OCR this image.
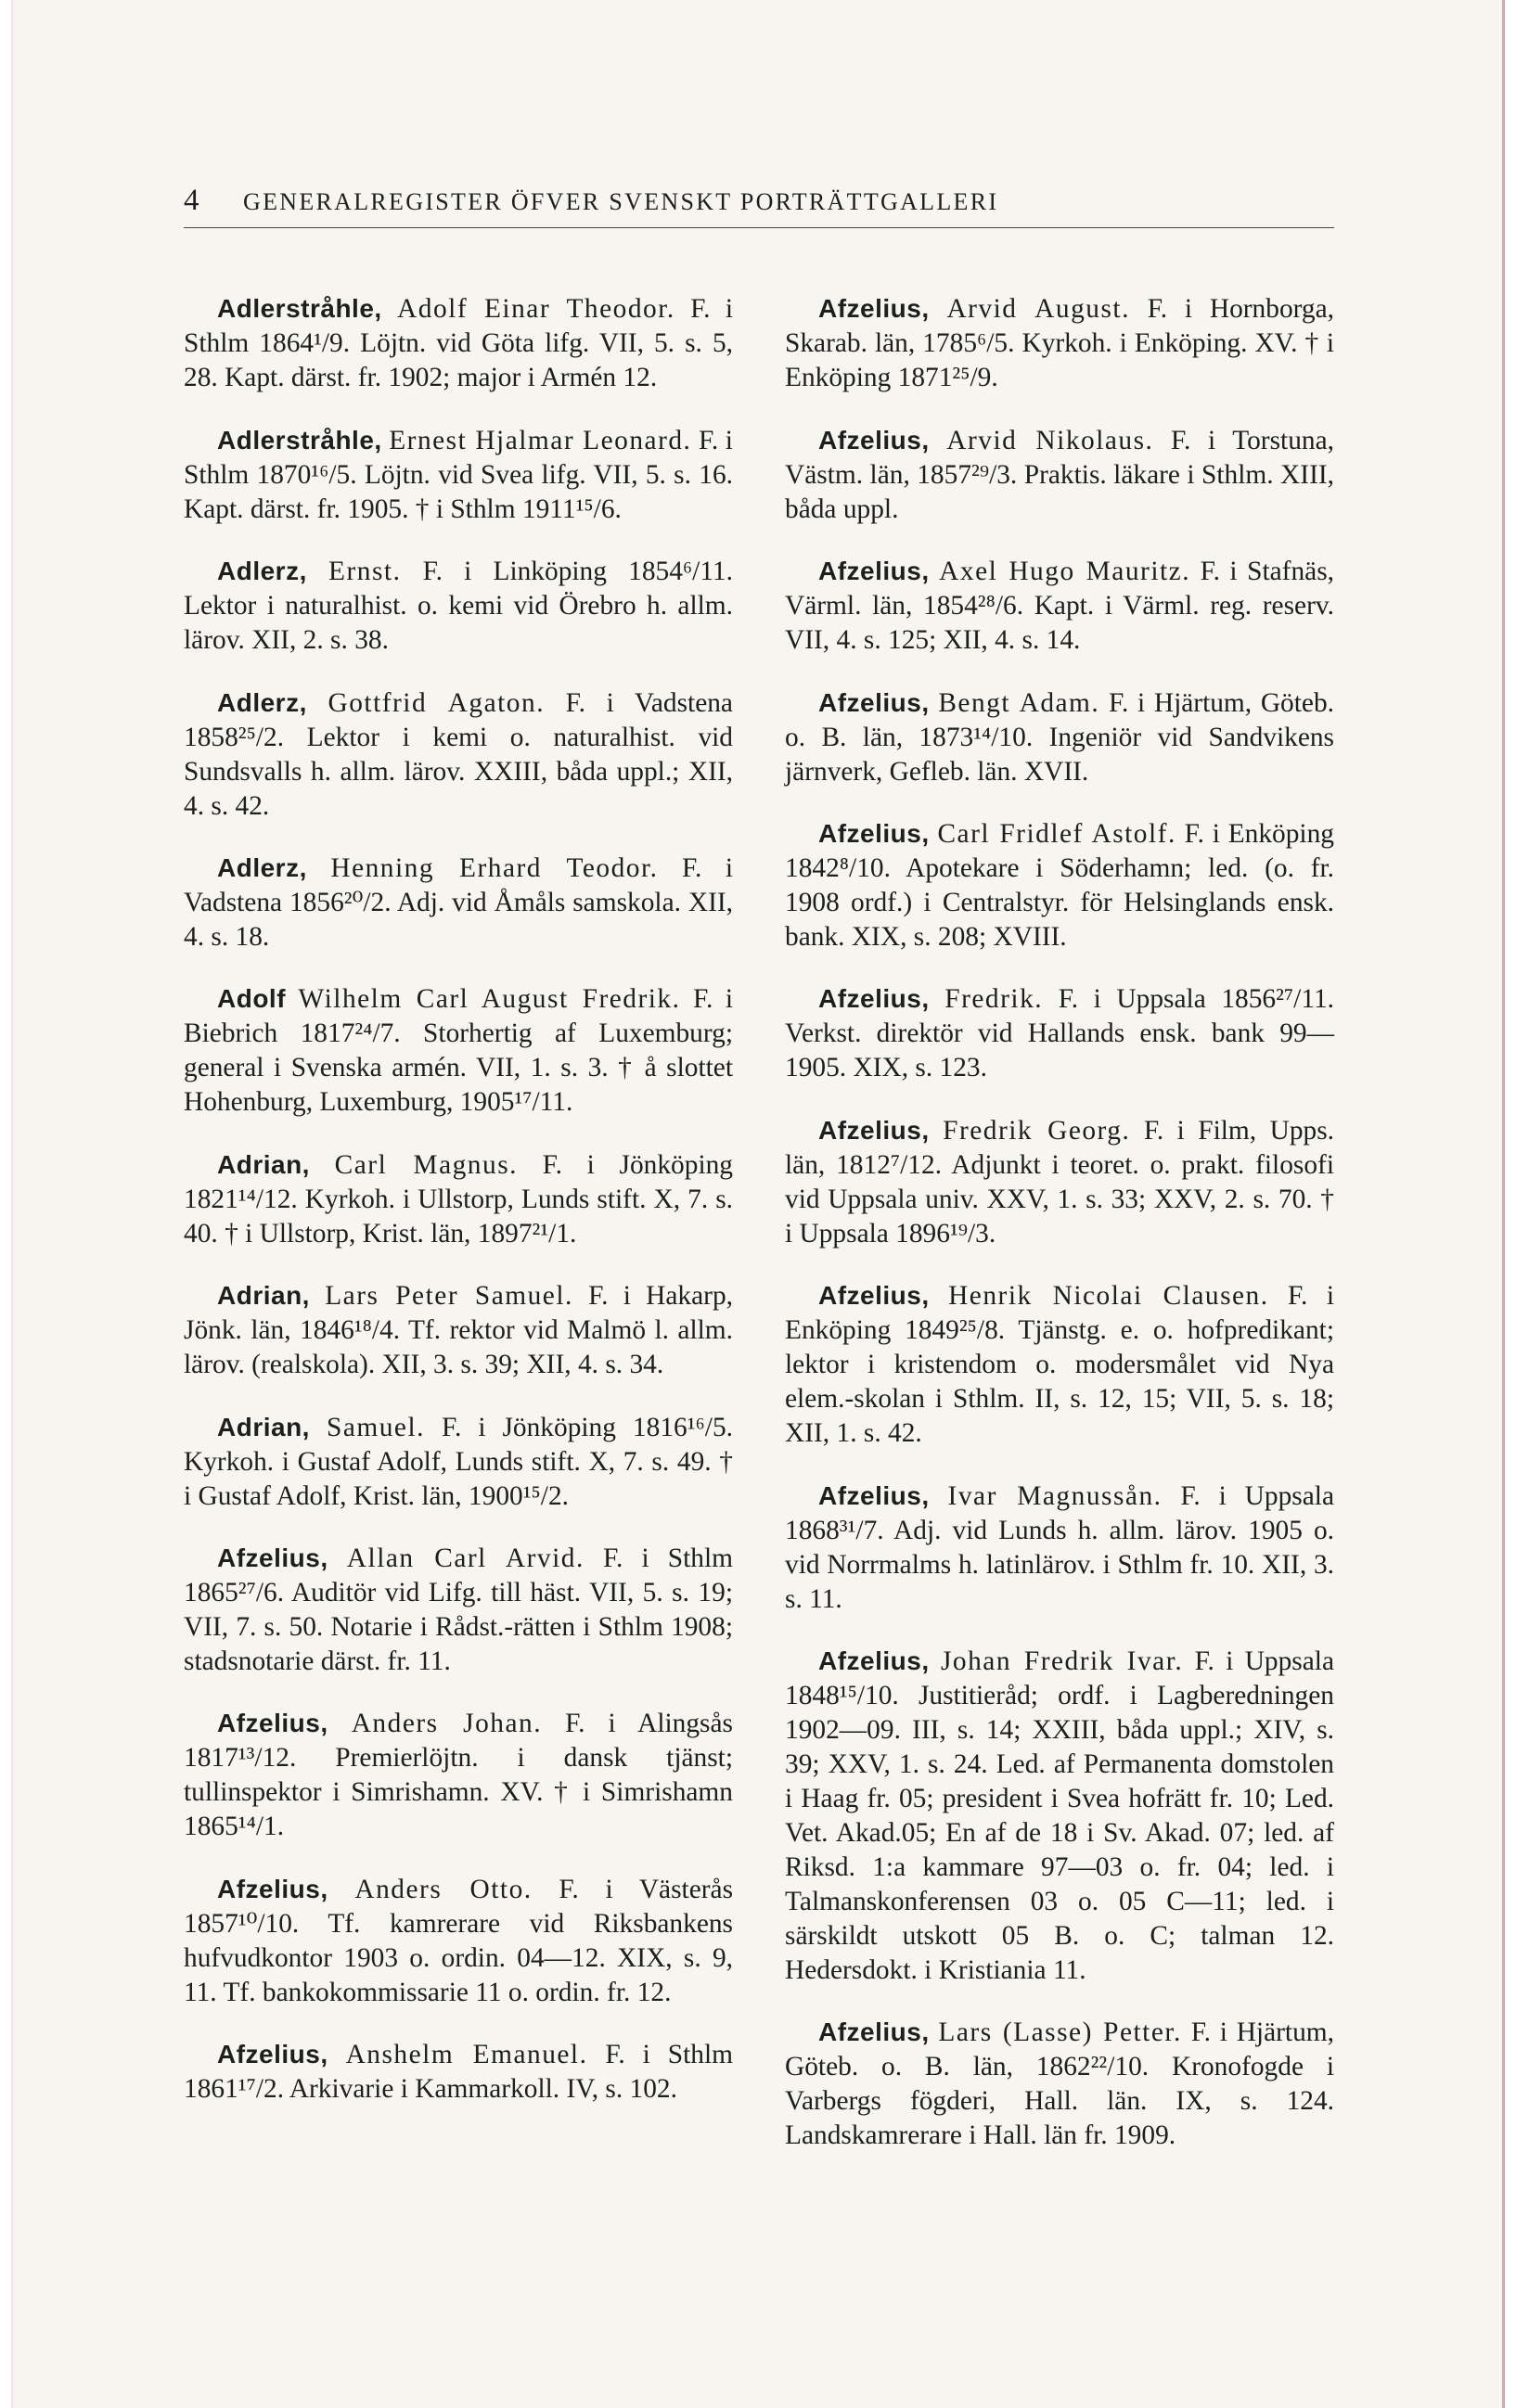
4	GENERALREGISTER ÖFVER SVENSKT PORTRÄTTGALLERI

Adlerstråhle, Adolf Einar Theodor. F. i Sthlm 1864¹/9. Löjtn. vid Göta lifg. VII, 5. s. 5, 28. Kapt. därst. fr. 1902; major i Armén 12.

Adlerstråhle, Ernest Hjalmar Leonard. F. i Sthlm 1870¹⁶/5. Löjtn. vid Svea lifg. VII, 5. s. 16. Kapt. därst. fr. 1905. † i Sthlm 1911¹⁵/6.

Adlerz, Ernst. F. i Linköping 1854⁶/11. Lektor i naturalhist. o. kemi vid Örebro h. allm. lärov. XII, 2. s. 38.

Adlerz, Gottfrid Agaton. F. i Vadstena 1858²⁵/2. Lektor i kemi o. naturalhist. vid Sundsvalls h. allm. lärov. XXIII, båda uppl.; XII, 4. s. 42.

Adlerz, Henning Erhard Teodor. F. i Vadstena 1856²⁰/2. Adj. vid Åmåls samskola. XII, 4. s. 18.

Adolf Wilhelm Carl August Fredrik. F. i Biebrich 1817²⁴/7. Storhertig af Luxemburg; general i Svenska armén. VII, 1. s. 3. † å slottet Hohenburg, Luxemburg, 1905¹⁷/11.

Adrian, Carl Magnus. F. i Jönköping 1821¹⁴/12. Kyrkoh. i Ullstorp, Lunds stift. X, 7. s. 40. † i Ullstorp, Krist. län, 1897²¹/1.

Adrian, Lars Peter Samuel. F. i Hakarp, Jönk. län, 1846¹⁸/4. Tf. rektor vid Malmö l. allm. lärov. (realskola). XII, 3. s. 39; XII, 4. s. 34.

Adrian, Samuel. F. i Jönköping 1816¹⁶/5. Kyrkoh. i Gustaf Adolf, Lunds stift. X, 7. s. 49. † i Gustaf Adolf, Krist. län, 1900¹⁵/2.

Afzelius, Allan Carl Arvid. F. i Sthlm 1865²⁷/6. Auditör vid Lifg. till häst. VII, 5. s. 19; VII, 7. s. 50. Notarie i Rådst.-rätten i Sthlm 1908; stadsnotarie därst. fr. 11.

Afzelius, Anders Johan. F. i Alingsås 1817¹³/12. Premierlöjtn. i dansk tjänst; tullinspektor i Simrishamn. XV. † i Simrishamn 1865¹⁴/1.

Afzelius, Anders Otto. F. i Västerås 1857¹⁰/10. Tf. kamrerare vid Riksbankens hufvudkontor 1903 o. ordin. 04—12. XIX, s. 9, 11. Tf. bankokommissarie 11 o. ordin. fr. 12.

Afzelius, Anshelm Emanuel. F. i Sthlm 1861¹⁷/2. Arkivarie i Kammarkoll. IV, s. 102.

Afzelius, Arvid August. F. i Hornborga, Skarab. län, 1785⁶/5. Kyrkoh. i Enköping. XV. † i Enköping 1871²⁵/9.

Afzelius, Arvid Nikolaus. F. i Torstuna, Västm. län, 1857²⁹/3. Praktis. läkare i Sthlm. XIII, båda uppl.

Afzelius, Axel Hugo Mauritz. F. i Stafnäs, Värml. län, 1854²⁸/6. Kapt. i Värml. reg. reserv. VII, 4. s. 125; XII, 4. s. 14.

Afzelius, Bengt Adam. F. i Hjärtum, Göteb. o. B. län, 1873¹⁴/10. Ingeniör vid Sandvikens järnverk, Gefleb. län. XVII.

Afzelius, Carl Fridlef Astolf. F. i Enköping 1842⁸/10. Apotekare i Söderhamn; led. (o. fr. 1908 ordf.) i Centralstyr. för Helsinglands ensk. bank. XIX, s. 208; XVIII.

Afzelius, Fredrik. F. i Uppsala 1856²⁷/11. Verkst. direktör vid Hallands ensk. bank 99—1905. XIX, s. 123.

Afzelius, Fredrik Georg. F. i Film, Upps. län, 1812⁷/12. Adjunkt i teoret. o. prakt. filosofi vid Uppsala univ. XXV, 1. s. 33; XXV, 2. s. 70. † i Uppsala 1896¹⁹/3.

Afzelius, Henrik Nicolai Clausen. F. i Enköping 1849²⁵/8. Tjänstg. e. o. hofpredikant; lektor i kristendom o. modersmålet vid Nya elem.-skolan i Sthlm. II, s. 12, 15; VII, 5. s. 18; XII, 1. s. 42.

Afzelius, Ivar Magnussån. F. i Uppsala 1868³¹/7. Adj. vid Lunds h. allm. lärov. 1905 o. vid Norrmalms h. latinlärov. i Sthlm fr. 10. XII, 3. s. 11.

Afzelius, Johan Fredrik Ivar. F. i Uppsala 1848¹⁵/10. Justitieråd; ordf. i Lagberedningen 1902—09. III, s. 14; XXIII, båda uppl.; XIV, s. 39; XXV, 1. s. 24. Led. af Permanenta domstolen i Haag fr. 05; president i Svea hofrätt fr. 10; Led. Vet. Akad.05; En af de 18 i Sv. Akad. 07; led. af Riksd. 1:a kammare 97—03 o. fr. 04; led. i Talmanskonferensen 03 o. 05 C—11; led. i särskildt utskott 05 B. o. C; talman 12. Hedersdokt. i Kristiania 11.

Afzelius, Lars (Lasse) Petter. F. i Hjärtum, Göteb. o. B. län, 1862²²/10. Kronofogde i Varbergs fögderi, Hall. län. IX, s. 124. Landskamrerare i Hall. län fr. 1909.
